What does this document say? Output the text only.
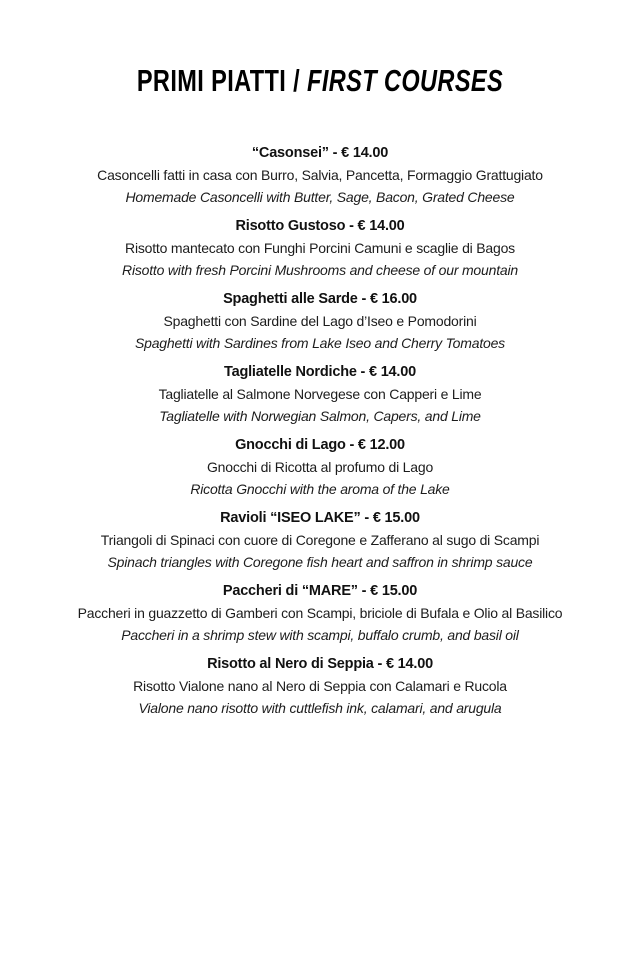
PRIMI PIATTI / FIRST COURSES
“Casonsei” - € 14.00

Casoncelli fatti in casa con Burro, Salvia, Pancetta, Formaggio Grattugiato

Homemade Casoncelli with Butter, Sage, Bacon, Grated Cheese

Risotto Gustoso - € 14.00

Risotto mantecato con Funghi Porcini Camuni e scaglie di Bagos

Risotto with fresh Porcini Mushrooms and cheese of our mountain

Spaghetti alle Sarde - € 16.00

Spaghetti con Sardine del Lago d’Iseo e Pomodorini

Spaghetti with Sardines from Lake Iseo and Cherry Tomatoes

Tagliatelle Nordiche - € 14.00

Tagliatelle al Salmone Norvegese con Capperi e Lime

Tagliatelle with Norwegian Salmon, Capers, and Lime

Gnocchi di Lago - € 12.00

Gnocchi di Ricotta al profumo di Lago

Ricotta Gnocchi with the aroma of the Lake

Ravioli “ISEO LAKE” - € 15.00

Triangoli di Spinaci con cuore di Coregone e Zafferano al sugo di Scampi

Spinach triangles with Coregone fish heart and saffron in shrimp sauce

Paccheri di “MARE” - € 15.00

Paccheri in guazzetto di Gamberi con Scampi, briciole di Bufala e Olio al Basilico

Paccheri in a shrimp stew with scampi, buffalo crumb, and basil oil

Risotto al Nero di Seppia - € 14.00

Risotto Vialone nano al Nero di Seppia con Calamari e Rucola

Vialone nano risotto with cuttlefish ink, calamari, and arugula
